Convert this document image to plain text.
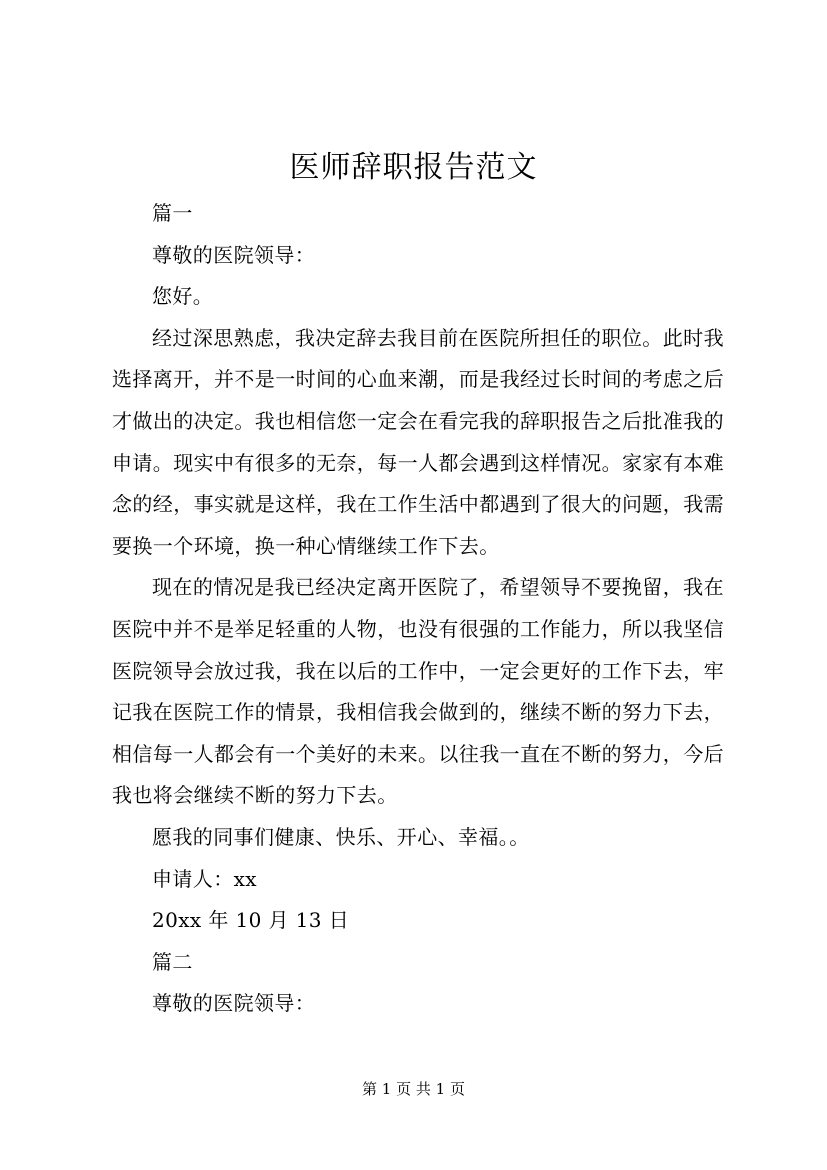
医师辞职报告范文

篇一

尊敬的医院领导：

您好。

经过深思熟虑，我决定辞去我目前在医院所担任的职位。此时我选择离开，并不是一时间的心血来潮，而是我经过长时间的考虑之后才做出的决定。我也相信您一定会在看完我的辞职报告之后批准我的申请。现实中有很多的无奈，每一人都会遇到这样情况。家家有本难念的经，事实就是这样，我在工作生活中都遇到了很大的问题，我需要换一个环境，换一种心情继续工作下去。

现在的情况是我已经决定离开医院了，希望领导不要挽留，我在医院中并不是举足轻重的人物，也没有很强的工作能力，所以我坚信医院领导会放过我，我在以后的工作中，一定会更好的工作下去，牢记我在医院工作的情景，我相信我会做到的，继续不断的努力下去，相信每一人都会有一个美好的未来。以往我一直在不断的努力，今后我也将会继续不断的努力下去。

愿我的同事们健康、快乐、开心、幸福。。

申请人：xx

20xx 年 10 月 13 日

篇二

尊敬的医院领导：

第 1 页 共 1 页
